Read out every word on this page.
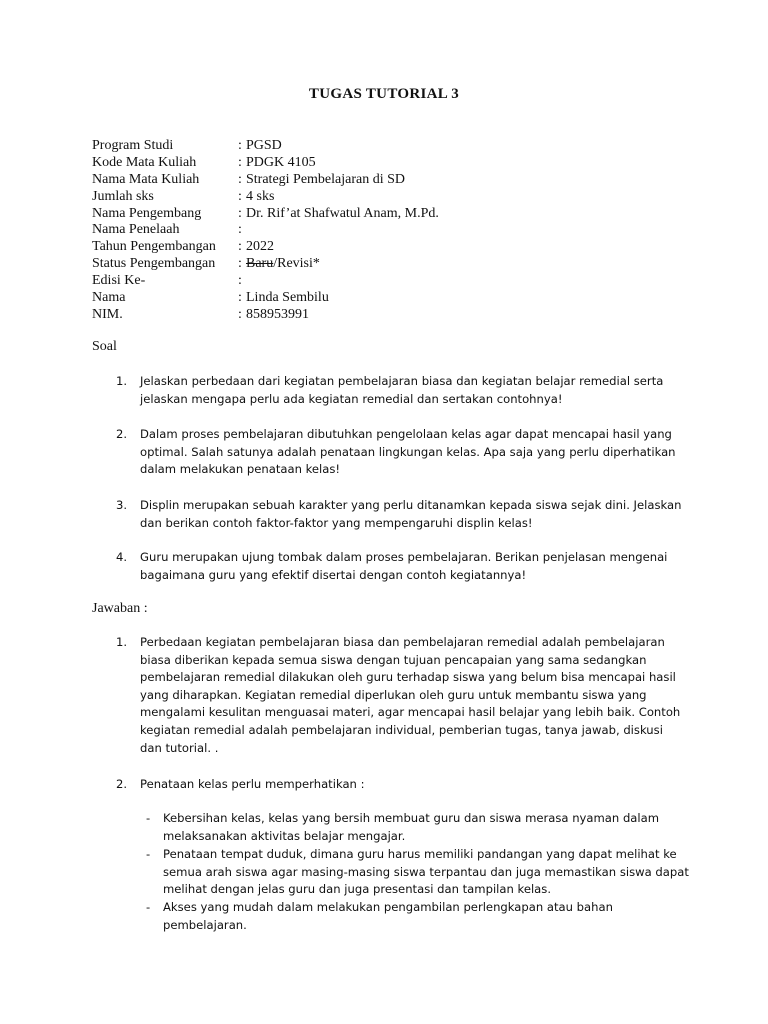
TUGAS TUTORIAL 3
Program Studi	: PGSD
Kode Mata Kuliah	: PDGK 4105
Nama Mata Kuliah	: Strategi Pembelajaran di SD
Jumlah sks	: 4 sks
Nama Pengembang	: Dr. Rif’at Shafwatul Anam, M.Pd.
Nama Penelaah	:
Tahun Pengembangan : 2022
Status Pengembangan : Baru/Revisi*
Edisi Ke-	:
Nama	: Linda Sembilu
NIM.	: 858953991
Soal
1. Jelaskan perbedaan dari kegiatan pembelajaran biasa dan kegiatan belajar remedial serta
jelaskan mengapa perlu ada kegiatan remedial dan sertakan contohnya!
2. Dalam proses pembelajaran dibutuhkan pengelolaan kelas agar dapat mencapai hasil yang
optimal. Salah satunya adalah penataan lingkungan kelas. Apa saja yang perlu diperhatikan
dalam melakukan penataan kelas!
3. Displin merupakan sebuah karakter yang perlu ditanamkan kepada siswa sejak dini. Jelaskan
dan berikan contoh faktor-faktor yang mempengaruhi displin kelas!
4. Guru merupakan ujung tombak dalam proses pembelajaran. Berikan penjelasan mengenai
bagaimana guru yang efektif disertai dengan contoh kegiatannya!
Jawaban :
1. Perbedaan kegiatan pembelajaran biasa dan pembelajaran remedial adalah pembelajaran
biasa diberikan kepada semua siswa dengan tujuan pencapaian yang sama sedangkan
pembelajaran remedial dilakukan oleh guru terhadap siswa yang belum bisa mencapai hasil
yang diharapkan. Kegiatan remedial diperlukan oleh guru untuk membantu siswa yang
mengalami kesulitan menguasai materi, agar mencapai hasil belajar yang lebih baik. Contoh
kegiatan remedial adalah pembelajaran individual, pemberian tugas, tanya jawab, diskusi
dan tutorial. .
2. Penataan kelas perlu memperhatikan :
- Kebersihan kelas, kelas yang bersih membuat guru dan siswa merasa nyaman dalam
melaksanakan aktivitas belajar mengajar.
- Penataan tempat duduk, dimana guru harus memiliki pandangan yang dapat melihat ke
semua arah siswa agar masing-masing siswa terpantau dan juga memastikan siswa dapat
melihat dengan jelas guru dan juga presentasi dan tampilan kelas.
- Akses yang mudah dalam melakukan pengambilan perlengkapan atau bahan
pembelajaran.
